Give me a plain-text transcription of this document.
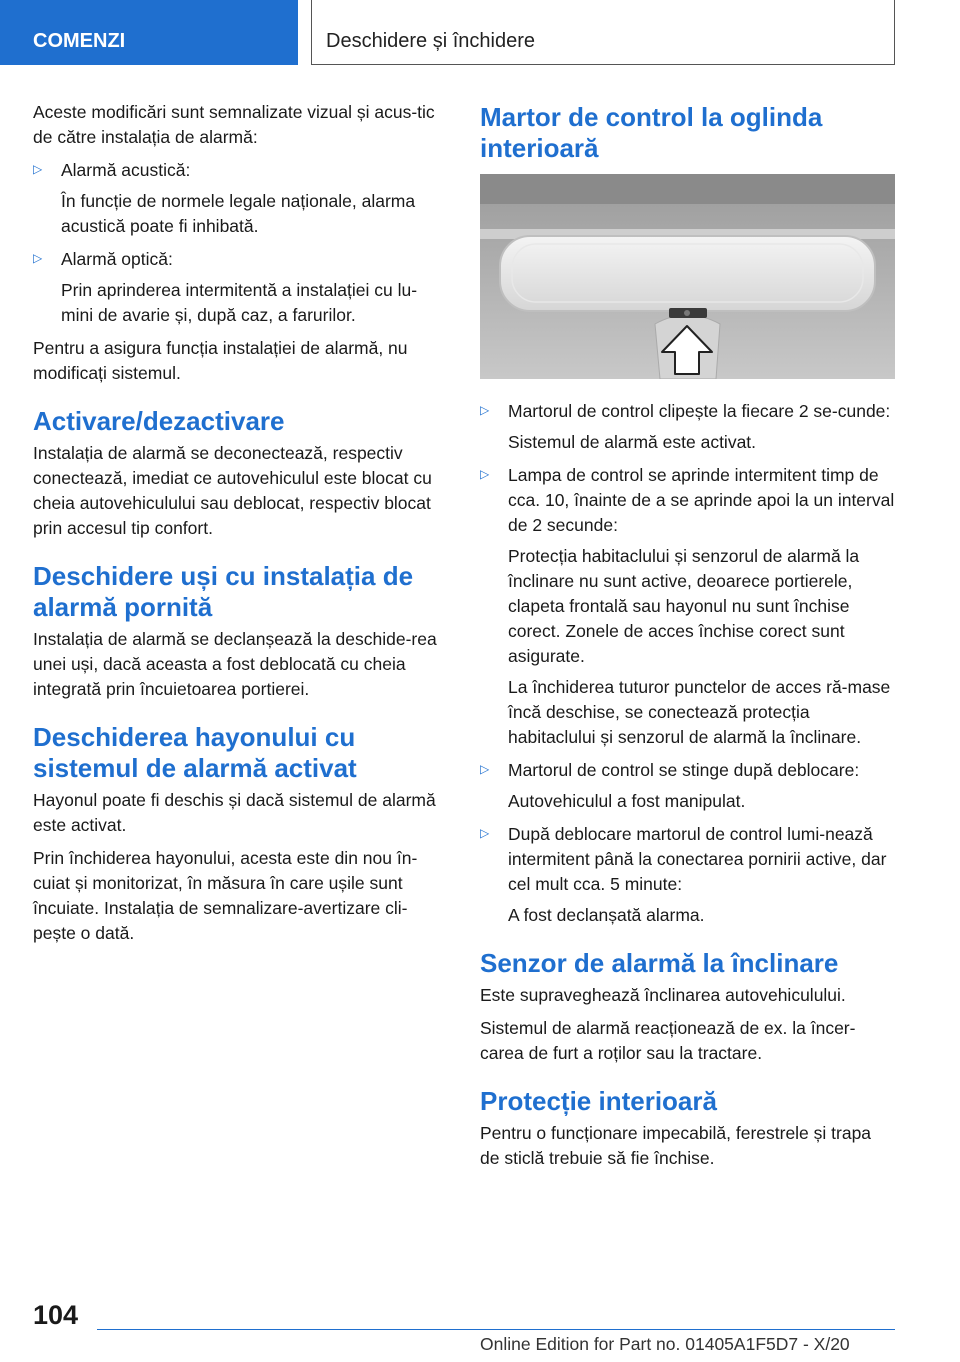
COMENZI	Deschidere și închidere

Aceste modificări sunt semnalizate vizual și acus-tic de către instalația de alarmă:

▷ Alarmă acustică:

În funcție de normele legale naționale, alarma acustică poate fi inhibată.

▷ Alarmă optică:

Prin aprinderea intermitentă a instalației cu lu-mini de avarie și, după caz, a farurilor.

Pentru a asigura funcția instalației de alarmă, nu modificați sistemul.

Activare/dezactivare

Instalația de alarmă se deconectează, respectiv conectează, imediat ce autovehiculul este blocat cu cheia autovehiculului sau deblocat, respectiv blocat prin accesul tip confort.

Deschidere uși cu instalația de alarmă pornită

Instalația de alarmă se declanșează la deschide-rea unei uși, dacă aceasta a fost deblocată cu cheia integrată prin încuietoarea portierei.

Deschiderea hayonului cu sistemul de alarmă activat

Hayonul poate fi deschis și dacă sistemul de alarmă este activat.

Prin închiderea hayonului, acesta este din nou în-cuiat și monitorizat, în măsura în care ușile sunt încuiate. Instalația de semnalizare-avertizare cli-pește o dată.

Martor de control la oglinda interioară
▷ Martorul de control clipește la fiecare 2 se-cunde:

Sistemul de alarmă este activat.

▷ Lampa de control se aprinde intermitent timp de cca. 10, înainte de a se aprinde apoi la un interval de 2 secunde:

Protecția habitaclului și senzorul de alarmă la înclinare nu sunt active, deoarece portierele, clapeta frontală sau hayonul nu sunt închise corect. Zonele de acces închise corect sunt asigurate.

La închiderea tuturor punctelor de acces ră-mase încă deschise, se conectează protecția habitaclului și senzorul de alarmă la înclinare.

▷ Martorul de control se stinge după deblocare:

Autovehiculul a fost manipulat.

▷ După deblocare martorul de control lumi-nează intermitent până la conectarea pornirii active, dar cel mult cca. 5 minute:

A fost declanșată alarma.

Senzor de alarmă la înclinare

Este supraveghează înclinarea autovehiculului.

Sistemul de alarmă reacționează de ex. la încer-carea de furt a roților sau la tractare.

Protecție interioară

Pentru o funcționare impecabilă, ferestrele și trapa de sticlă trebuie să fie închise.

104
Online Edition for Part no. 01405A1F5D7 - X/20
